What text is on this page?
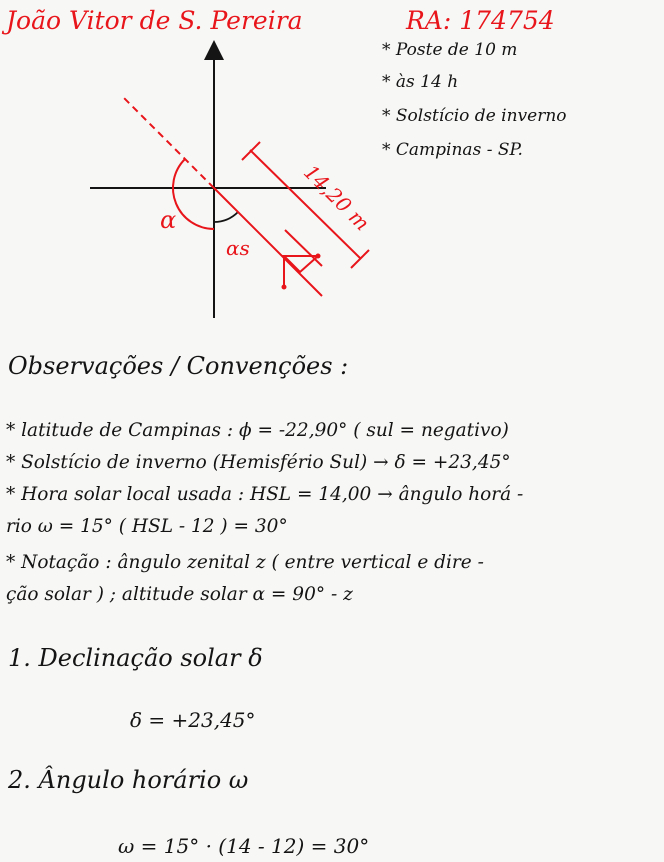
João Vitor de S. Pereira	RA: 174754
* Poste de 10 m
* às 14 h
* Solstício de inverno
* Campinas - SP.
14,20 m
α
αs
Observações / Convenções :
* latitude de Campinas : ϕ = -22,90° ( sul = negativo)
* Solstício de inverno (Hemisfério Sul) → δ = +23,45°
* Hora solar local usada : HSL = 14,00 → ângulo horá -
rio ω = 15° ( HSL - 12 ) = 30°
* Notação : ângulo zenital z ( entre vertical e dire -
ção solar ) ; altitude solar α = 90° - z
1. Declinação solar δ
δ = +23,45°
2. Ângulo horário ω
ω = 15° · (14 - 12) = 30°
